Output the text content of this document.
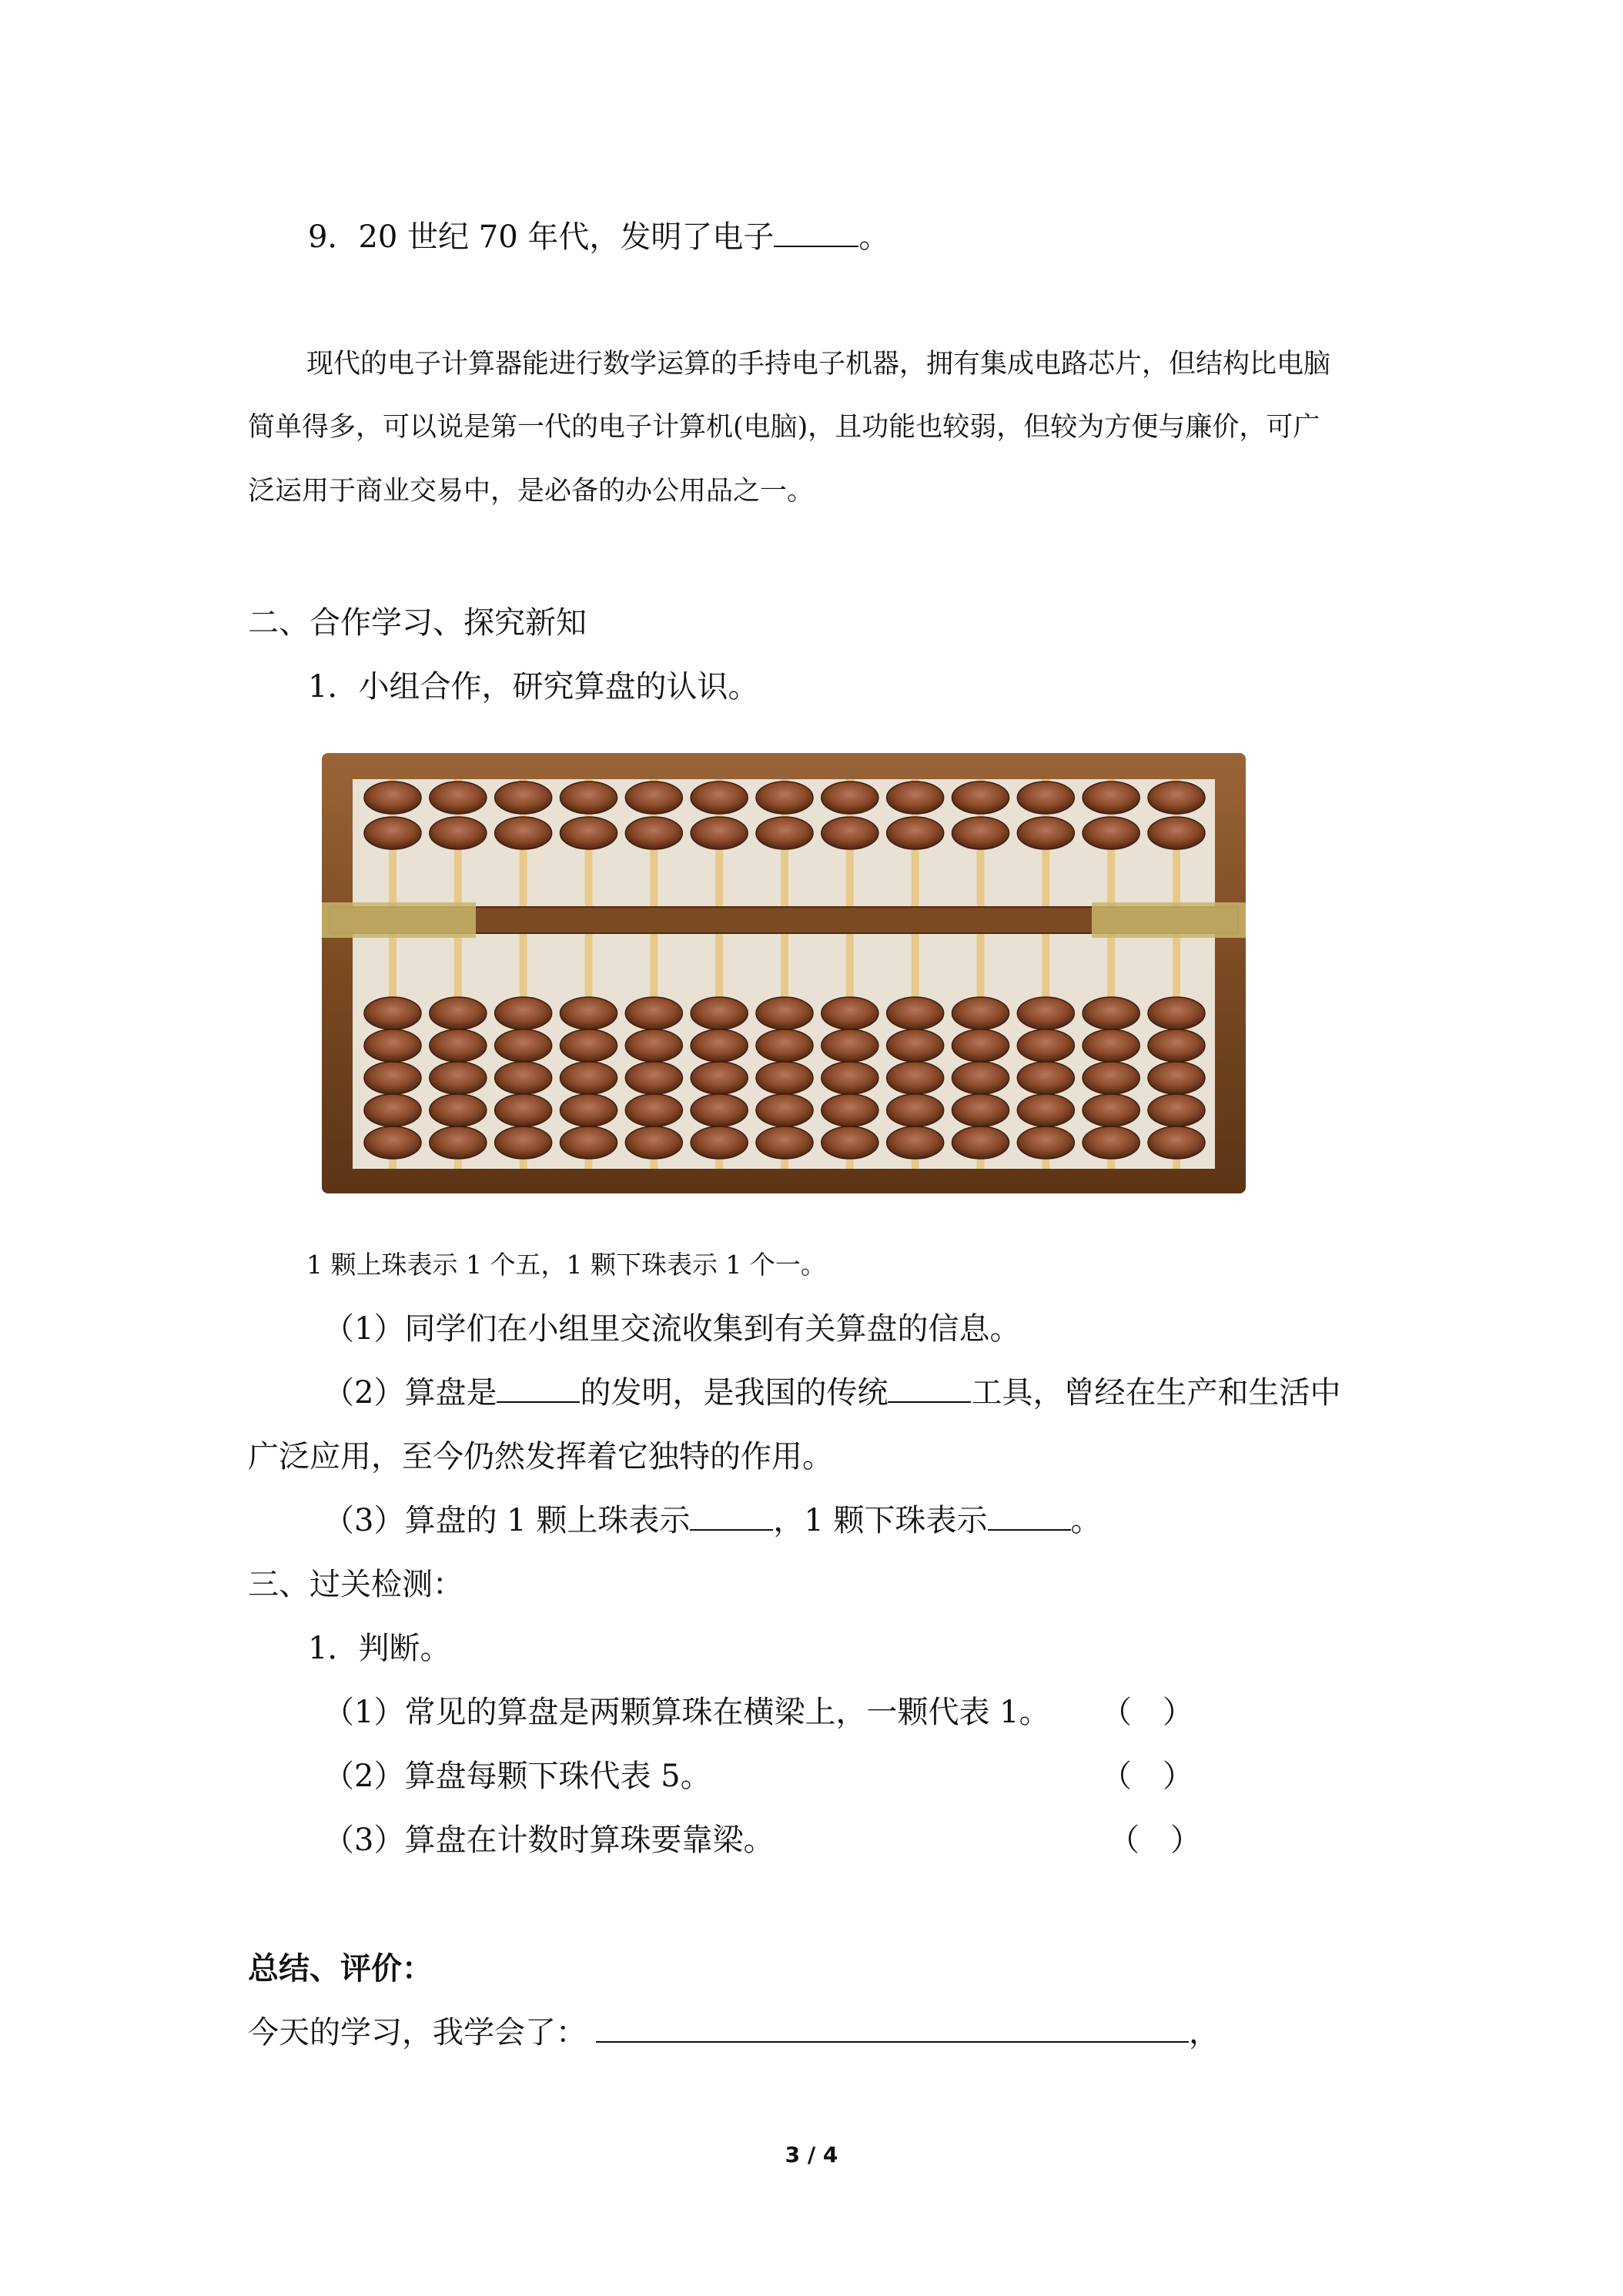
9．20 世纪 70 年代，发明了电子	。
现代的电子计算器能进行数学运算的手持电子机器，拥有集成电路芯片，但结构比电脑
简单得多，可以说是第一代的电子计算机(电脑)，且功能也较弱，但较为方便与廉价，可广
泛运用于商业交易中，是必备的办公用品之一。
二、合作学习、探究新知
1．小组合作，研究算盘的认识。
1 颗上珠表示 1 个五，1 颗下珠表示 1 个一。
（1）同学们在小组里交流收集到有关算盘的信息。
（2）算盘是	的发明，是我国的传统	工具，曾经在生产和生活中
广泛应用，至今仍然发挥着它独特的作用。
（3）算盘的 1 颗上珠表示	，1 颗下珠表示	。
三、过关检测：
1．判断。
（1）常见的算盘是两颗算珠在横梁上，一颗代表 1。 （　）
（2）算盘每颗下珠代表 5。	（　）
（3）算盘在计数时算珠要靠梁。	（　）
总结、评价：
今天的学习，我学会了：	，
3 / 4
